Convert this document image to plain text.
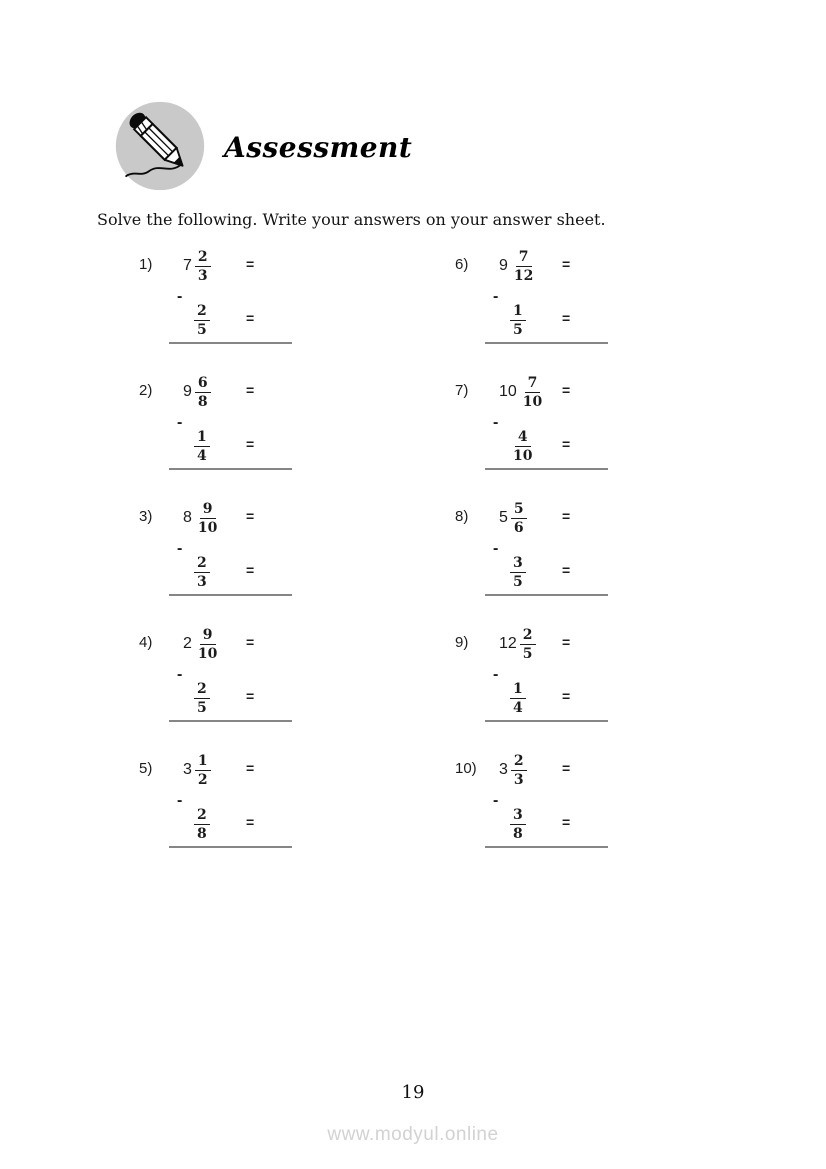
Assessment
Solve the following. Write your answers on your answer sheet.
1) $7 \frac{2}{3}$	=
-
$\frac{2}{5}$	=
2) $9 \frac{6}{8}$	=
-
$\frac{1}{4}$	=
3) $8 \frac{9}{10}$ =
-
$\frac{2}{3}$	=
4) $2 \frac{9}{10}$ =
-
$\frac{2}{5}$	=
5) $3 \frac{1}{2}$	=
-
$\frac{2}{8}$	=
6) $9 \frac{7}{12}$ =
-
$\frac{1}{5}$	=
7) $10 \frac{7}{10}$ =
-
$\frac{4}{10}$ =
8) $5 \frac{5}{6}$	=
-
$\frac{3}{5}$	=
9) $12 \frac{2}{5}$ =
-
$\frac{1}{4}$	=
10) $3 \frac{2}{3}$	=
-
$\frac{3}{8}$	=
19
www.modyul.online
